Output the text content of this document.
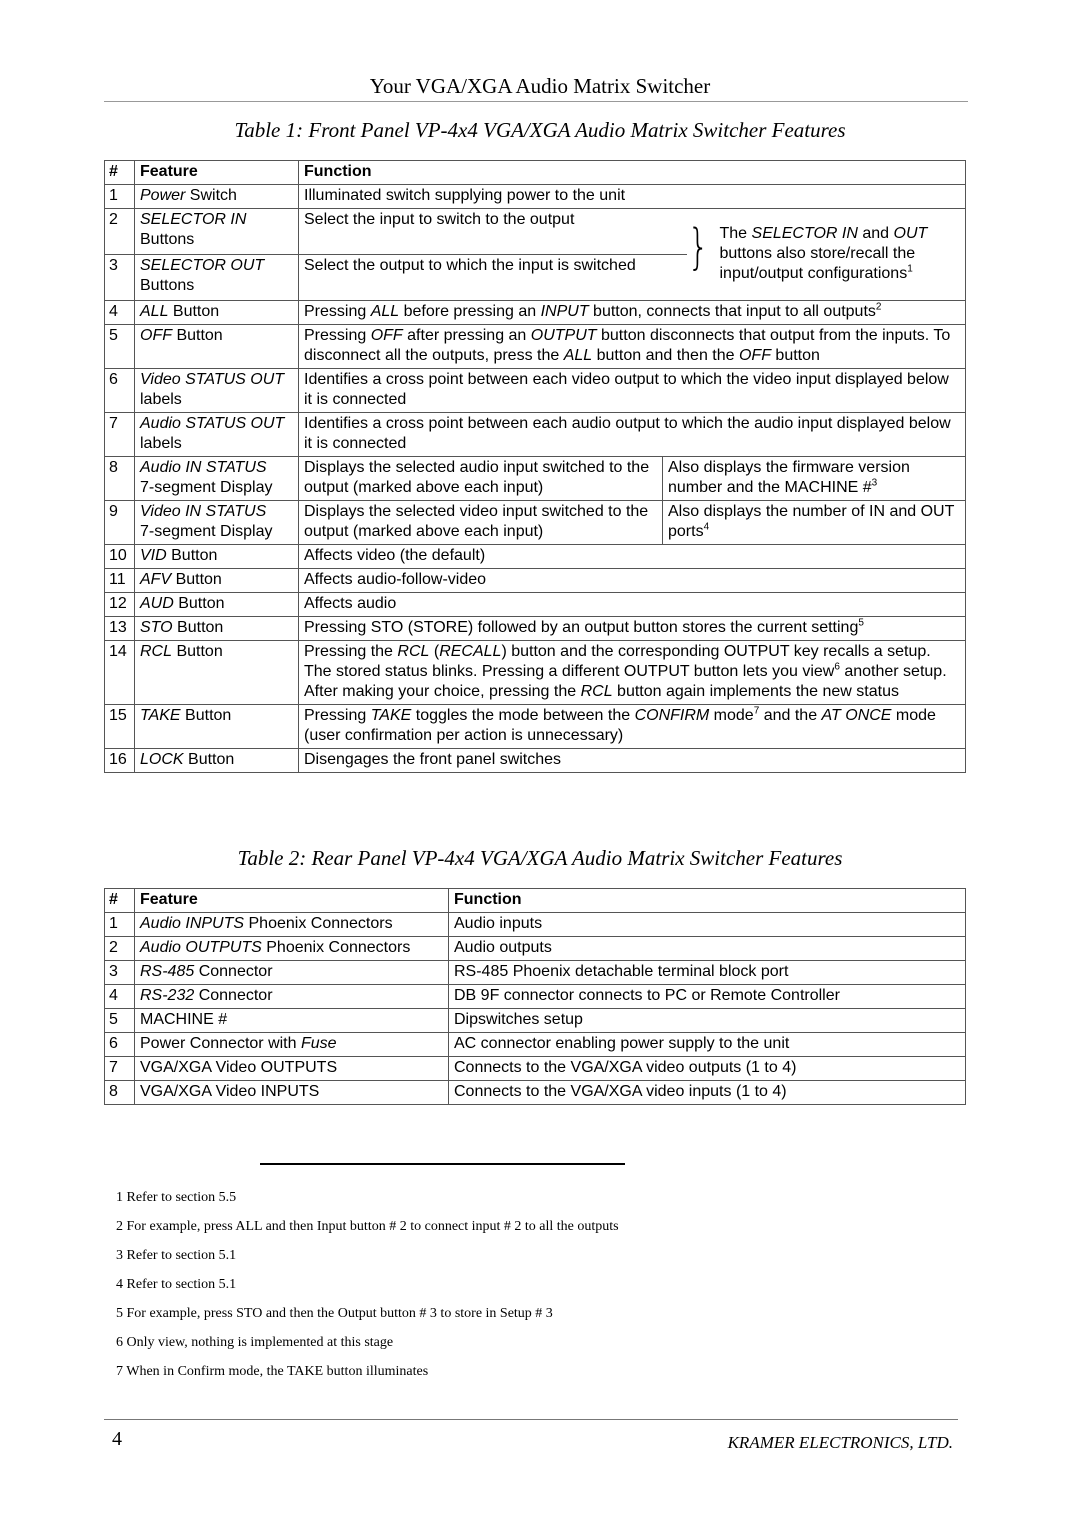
Your VGA/XGA Audio Matrix Switcher
Table 1: Front Panel VP-4x4 VGA/XGA Audio Matrix Switcher Features
#	Feature	Function		
1	Power Switch	Illuminated switch supplying power to the unit		
2	SELECTOR IN
Buttons	Select the input to switch to the output		} The SELECTOR IN and OUT buttons also store/recall the input/output configurations$^1$

3	SELECTOR OUT
Buttons	Select the output to which the input is switched		
4	ALL Button	Pressing ALL before pressing an INPUT button, connects that input to all outputs$^2$
5	OFF Button	Pressing OFF after pressing an OUTPUT button disconnects that output from the inputs. To disconnect all the outputs, press the ALL button and then the OFF button		
6	Video STATUS OUT labels	Identifies a cross point between each video output to which the video input displayed below it is connected		
7	Audio STATUS OUT labels	Identifies a cross point between each audio output to which the audio input displayed below it is connected		
8	Audio IN STATUS
7-segment Display	Displays the selected audio input switched to the output (marked above each input)	Also displays the firmware version number and the MACHINE #$^3$
9	Video IN STATUS
7-segment Display	Displays the selected video input switched to the output (marked above each input)	Also displays the number of IN and OUT ports$^4$
10	VID Button	Affects video (the default)		
11	AFV Button	Affects audio-follow-video		
12	AUD Button	Affects audio		
13	STO Button	Pressing STO (STORE) followed by an output button stores the current setting$^5$
14	RCL Button	Pressing the RCL (RECALL) button and the corresponding OUTPUT key recalls a setup. The stored status blinks. Pressing a different OUTPUT button lets you view$^6$ another setup. After making your choice, pressing the RCL button again implements the new status		
15	TAKE Button	Pressing TAKE toggles the mode between the CONFIRM mode$^7$ and the AT ONCE mode (user confirmation per action is unnecessary)		
16	LOCK Button	Disengages the front panel switches		
Table 2: Rear Panel VP-4x4 VGA/XGA Audio Matrix Switcher Features
#	Feature	Function
1	Audio INPUTS Phoenix Connectors	Audio inputs
2	Audio OUTPUTS Phoenix Connectors	Audio outputs
3	RS-485 Connector	RS-485 Phoenix detachable terminal block port
4	RS-232 Connector	DB 9F connector connects to PC or Remote Controller
5	MACHINE #	Dipswitches setup
6	Power Connector with Fuse	AC connector enabling power supply to the unit
7	VGA/XGA Video OUTPUTS	Connects to the VGA/XGA video outputs (1 to 4)
8	VGA/XGA Video INPUTS	Connects to the VGA/XGA video inputs (1 to 4)
1 Refer to section 5.5
2 For example, press ALL and then Input button # 2 to connect input # 2 to all the outputs
3 Refer to section 5.1
4 Refer to section 5.1
5 For example, press STO and then the Output button # 3 to store in Setup # 3
6 Only view, nothing is implemented at this stage
7 When in Confirm mode, the TAKE button illuminates
4	KRAMER ELECTRONICS, LTD.
